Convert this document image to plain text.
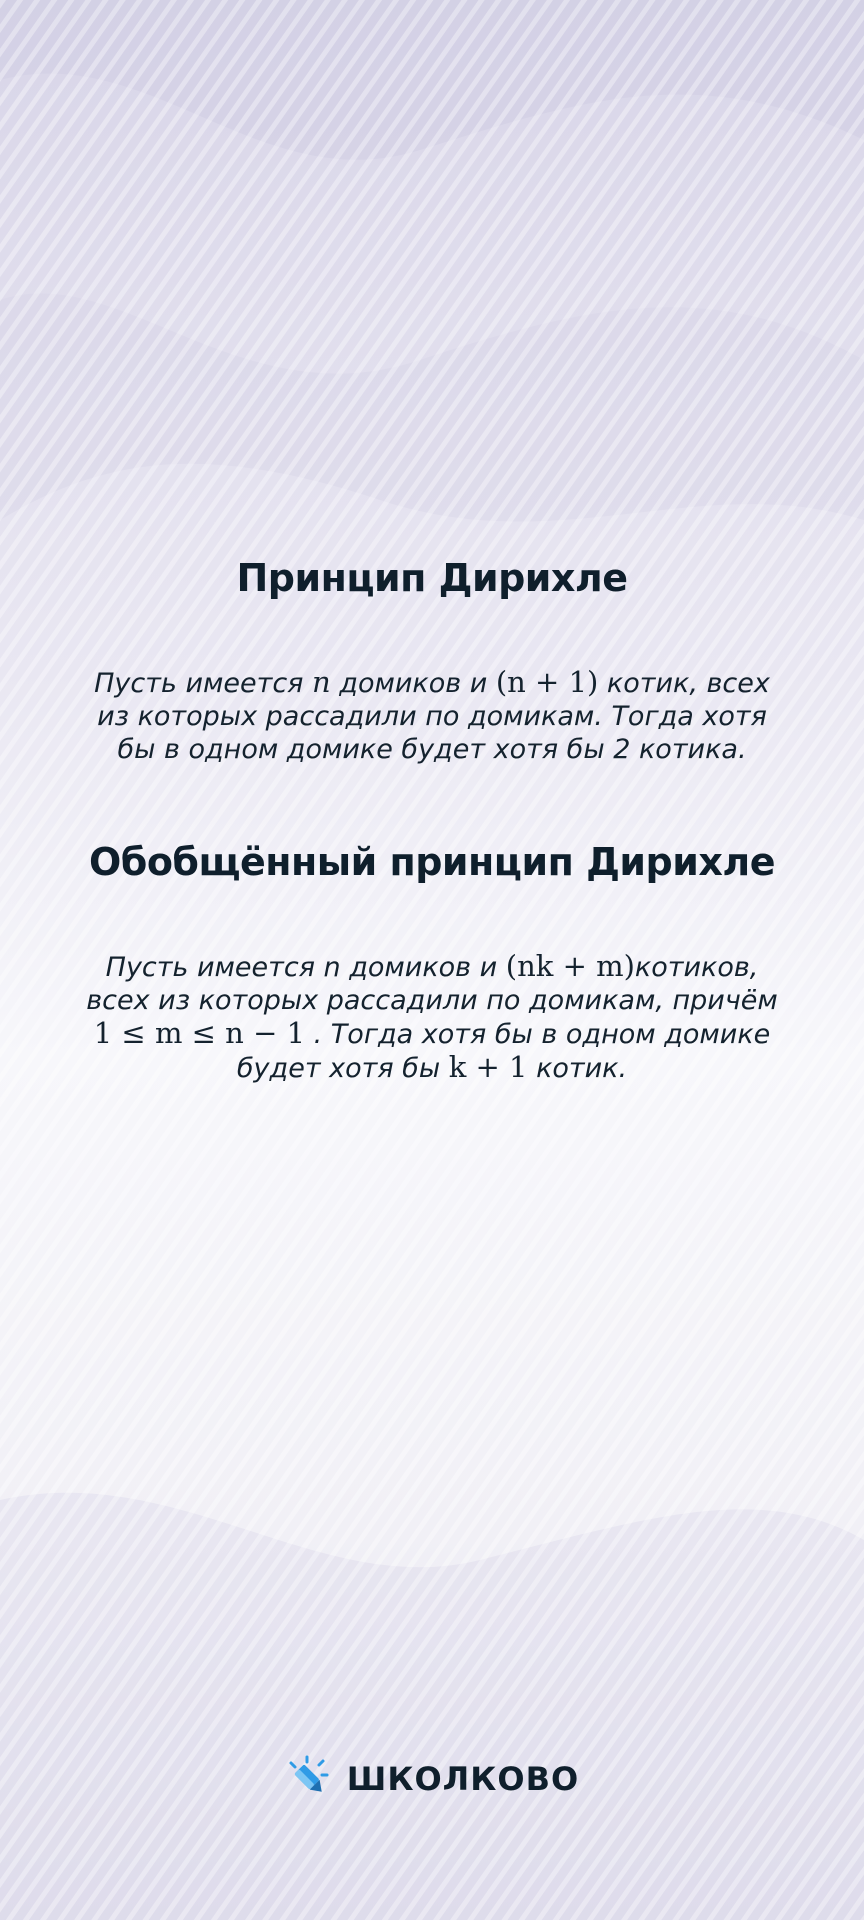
Принцип Дирихле
Пусть имеется n домиков и (n + 1) котик, всех
из которых рассадили по домикам. Тогда хотя
бы в одном домике будет хотя бы 2 котика.
Обобщённый принцип Дирихле
Пусть имеется n домиков и (nk + m)котиков,
всех из которых рассадили по домикам, причём
1 ≤ m ≤ n − 1 . Тогда хотя бы в одном домике
будет хотя бы k + 1 котик.
ШКОЛКОВО
